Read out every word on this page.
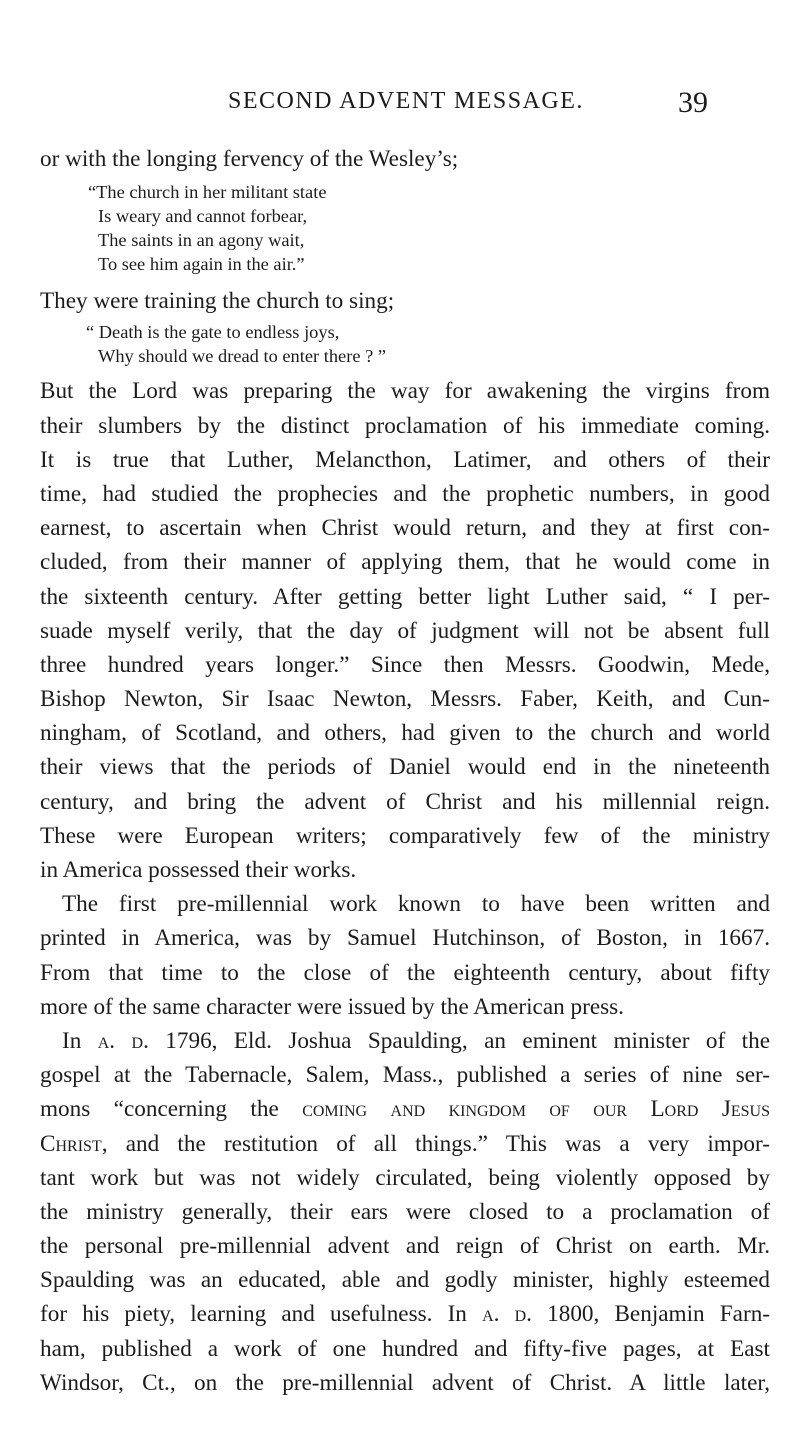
SECOND ADVENT MESSAGE.	39
or with the longing fervency of the Wesley’s;
“The church in her militant state
Is weary and cannot forbear,
The saints in an agony wait,
To see him again in the air.”
They were training the church to sing;
“ Death is the gate to endless joys,
Why should we dread to enter there ? ”
But the Lord was preparing the way for awakening the virgins from
their slumbers by the distinct proclamation of his immediate coming.
It is true that Luther, Melancthon, Latimer, and others of their
time, had studied the prophecies and the prophetic numbers, in good
earnest, to ascertain when Christ would return, and they at first con-
cluded, from their manner of applying them, that he would come in
the sixteenth century. After getting better light Luther said, “ I per-
suade myself verily, that the day of judgment will not be absent full
three hundred years longer.” Since then Messrs. Goodwin, Mede,
Bishop Newton, Sir Isaac Newton, Messrs. Faber, Keith, and Cun-
ningham, of Scotland, and others, had given to the church and world
their views that the periods of Daniel would end in the nineteenth
century, and bring the advent of Christ and his millennial reign.
These were European writers; comparatively few of the ministry
in America possessed their works.
The first pre-millennial work known to have been written and
printed in America, was by Samuel Hutchinson, of Boston, in 1667.
From that time to the close of the eighteenth century, about fifty
more of the same character were issued by the American press.
In a. d. 1796, Eld. Joshua Spaulding, an eminent minister of the
gospel at the Tabernacle, Salem, Mass., published a series of nine ser-
mons “concerning the coming and kingdom of our Lord Jesus
Christ, and the restitution of all things.” This was a very impor-
tant work but was not widely circulated, being violently opposed by
the ministry generally, their ears were closed to a proclamation of
the personal pre-millennial advent and reign of Christ on earth. Mr.
Spaulding was an educated, able and godly minister, highly esteemed
for his piety, learning and usefulness. In a. d. 1800, Benjamin Farn-
ham, published a work of one hundred and fifty-five pages, at East
Windsor, Ct., on the pre-millennial advent of Christ. A little later,
